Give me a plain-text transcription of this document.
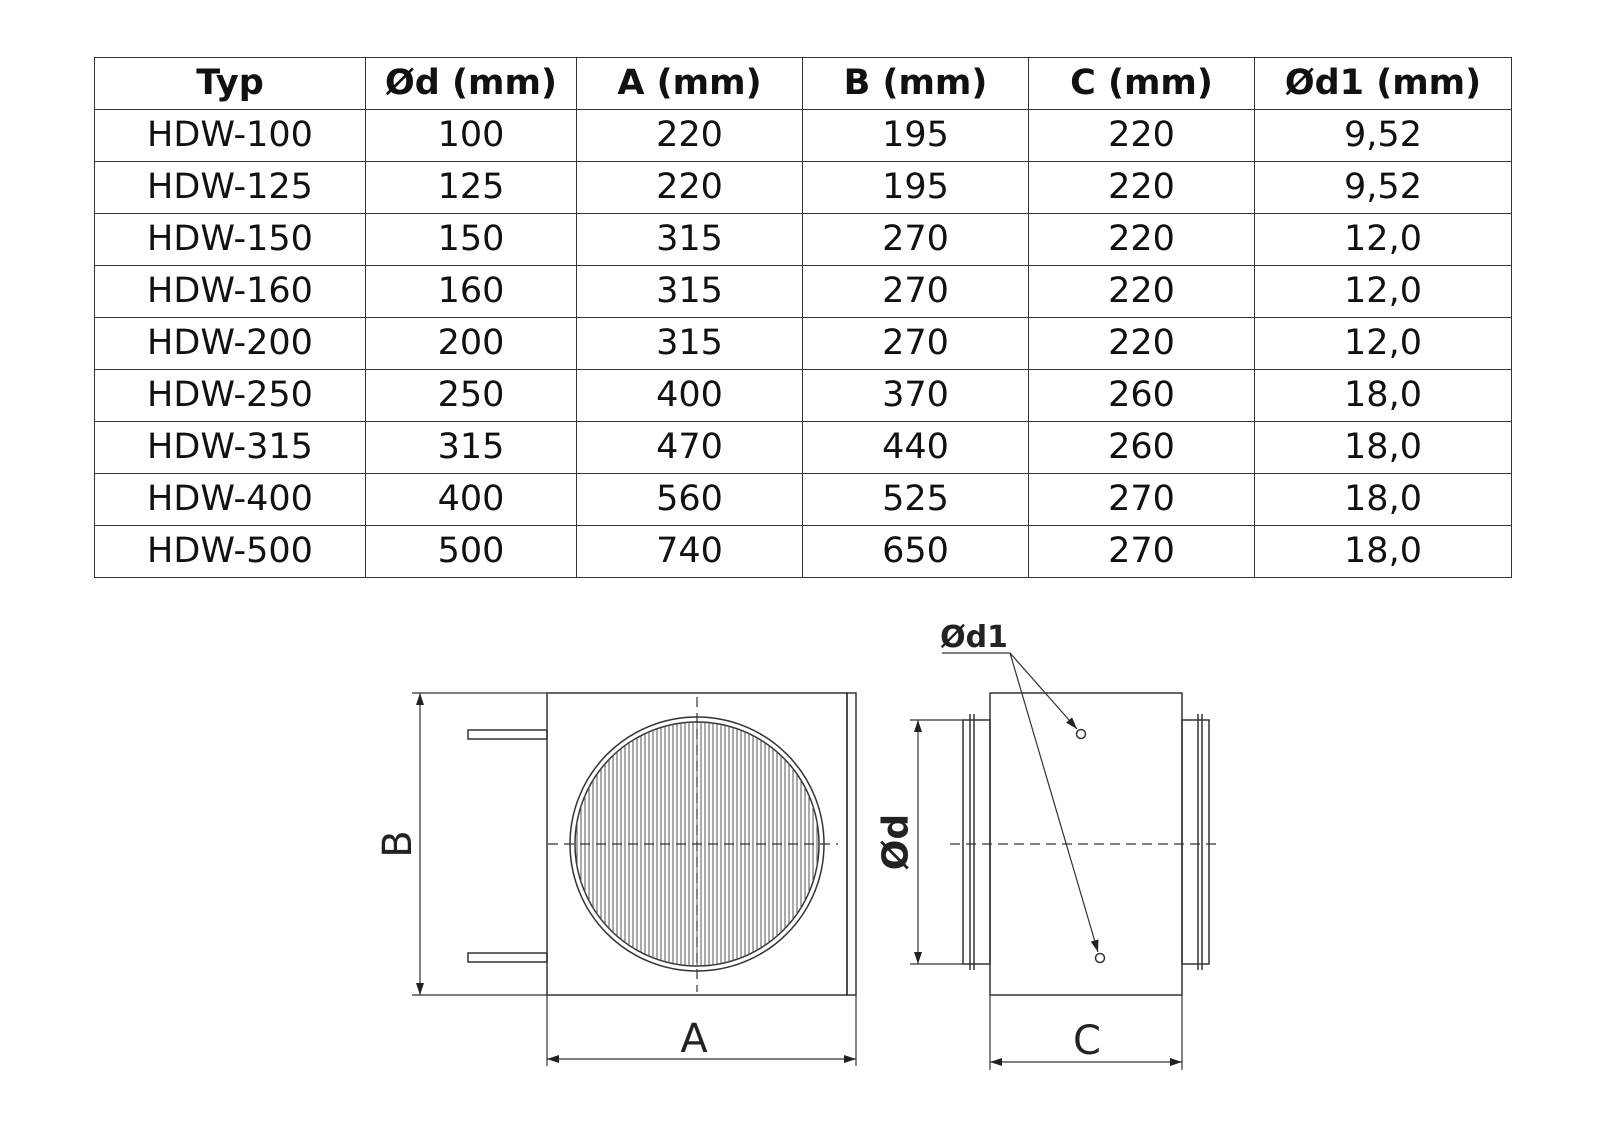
Typ	Ød (mm)	A (mm)	B (mm)	C (mm)	Ød1 (mm)
HDW-100	100	220	195	220	9,52
HDW-125	125	220	195	220	9,52
HDW-150	150	315	270	220	12,0
HDW-160	160	315	270	220	12,0
HDW-200	200	315	270	220	12,0
HDW-250	250	400	370	260	18,0
HDW-315	315	470	440	260	18,0
HDW-400	400	560	525	270	18,0
HDW-500	500	740	650	270	18,0
B
A
Ød
C
Ød1
